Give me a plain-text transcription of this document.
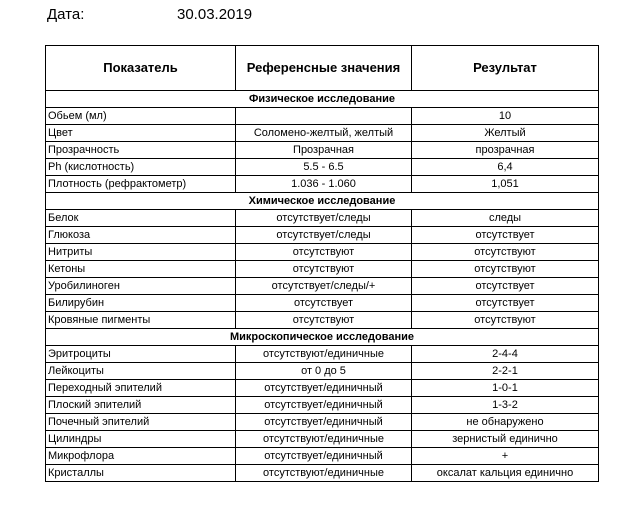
Дата:	30.03.2019
Показатель	Референсные значения	Результат
Физическое исследование		
Обьем (мл)		10
Цвет	Соломено-желтый, желтый	Желтый
Прозрачность	Прозрачная	прозрачная
Ph (кислотность)	5.5 - 6.5	6,4
Плотность (рефрактометр)	1.036 - 1.060	1,051
Химическое исследование		
Белок	отсутствует/следы	следы
Глюкоза	отсутствует/следы	отсутствует
Нитриты	отсутствуют	отсутствуют
Кетоны	отсутствуют	отсутствуют
Уробилиноген	отсутствует/следы/+	отсутствует
Билирубин	отсутствует	отсутствует
Кровяные пигменты	отсутствуют	отсутствуют
Микроскопическое исследование		
Эритроциты	отсутствуют/единичные	2-4-4
Лейкоциты	от 0 до 5	2-2-1
Переходный эпителий	отсутствует/единичный	1-0-1
Плоский эпителий	отсутствует/единичный	1-3-2
Почечный эпителий	отсутствует/единичный	не обнаружено
Цилиндры	отсутствуют/единичные	зернистый единично
Микрофлора	отсутствует/единичный	+
Кристаллы	отсутствуют/единичные	оксалат кальция единично
